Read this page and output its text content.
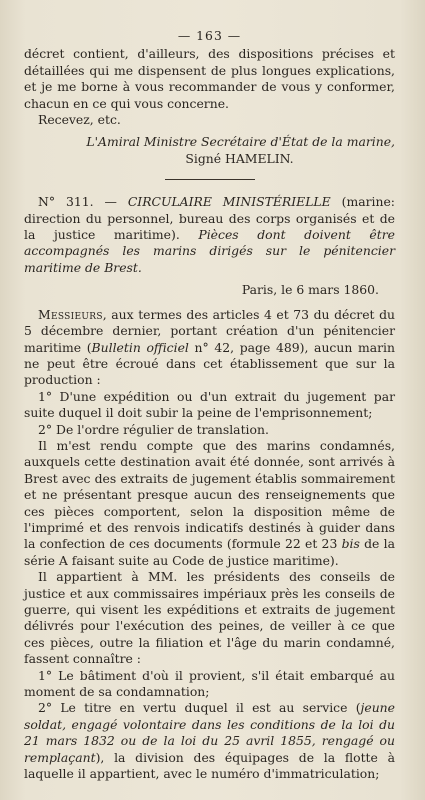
— 163 —

décret contient, d'ailleurs, des dispositions précises et détaillées qui me dispensent de plus longues explications, et je me borne à vous recommander de vous y conformer, chacun en ce qui vous concerne.

Recevez, etc.

L'Amiral Ministre Secrétaire d'État de la marine,

Signé HAMELIN.

N° 311. — CIRCULAIRE MINISTÉRIELLE (marine: direction du personnel, bureau des corps organisés et de la justice maritime). Pièces dont doivent être accompagnés les marins dirigés sur le pénitencier maritime de Brest.

Paris, le 6 mars 1860.

Messieurs, aux termes des articles 4 et 73 du décret du 5 décembre dernier, portant création d'un pénitencier maritime (Bulletin officiel n° 42, page 489), aucun marin ne peut être écroué dans cet établissement que sur la production :

1° D'une expédition ou d'un extrait du jugement par suite duquel il doit subir la peine de l'emprisonnement;

2° De l'ordre régulier de translation.

Il m'est rendu compte que des marins condamnés, auxquels cette destination avait été donnée, sont arrivés à Brest avec des extraits de jugement établis sommairement et ne présentant presque aucun des renseignements que ces pièces comportent, selon la disposition même de l'imprimé et des renvois indicatifs destinés à guider dans la confection de ces documents (formule 22 et 23 bis de la série A faisant suite au Code de justice maritime).

Il appartient à MM. les présidents des conseils de justice et aux commissaires impériaux près les conseils de guerre, qui visent les expéditions et extraits de jugement délivrés pour l'exécution des peines, de veiller à ce que ces pièces, outre la filiation et l'âge du marin condamné, fassent connaître :

1° Le bâtiment d'où il provient, s'il était embarqué au moment de sa condamnation;

2° Le titre en vertu duquel il est au service (jeune soldat, engagé volontaire dans les conditions de la loi du 21 mars 1832 ou de la loi du 25 avril 1855, rengagé ou remplaçant), la division des équipages de la flotte à laquelle il appartient, avec le numéro d'immatriculation;
